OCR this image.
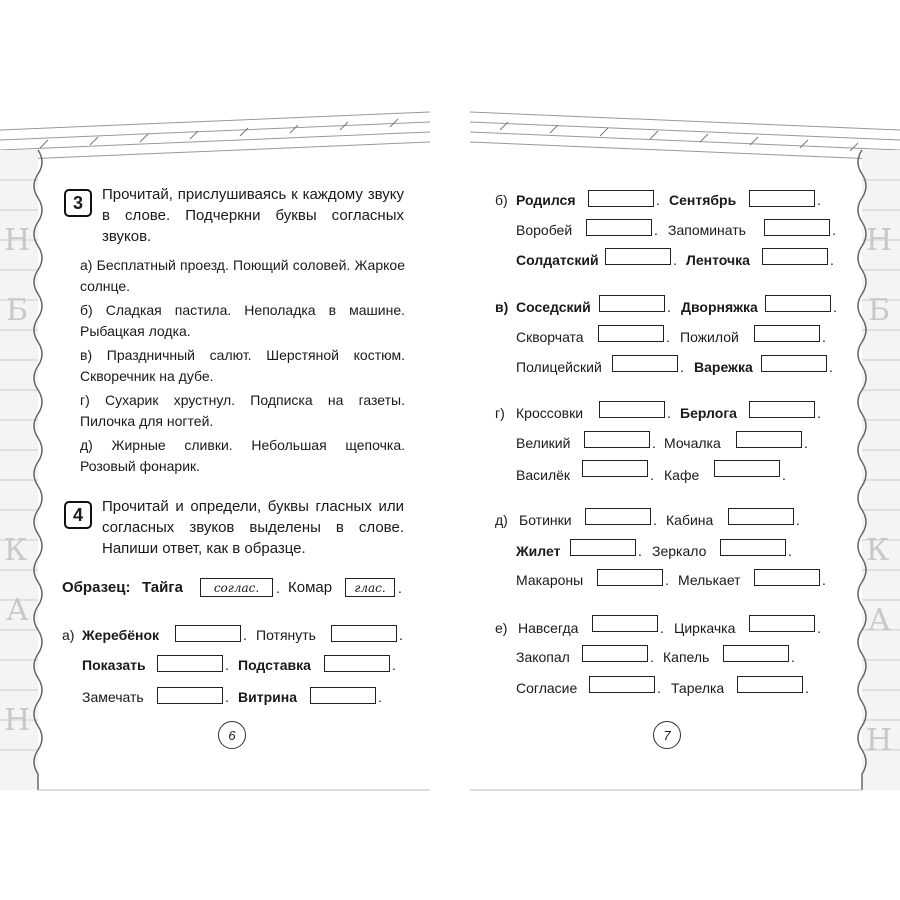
Н
Б
К
А
Н
Н
Б
К
А
Н
3	Прочитай, прислушиваясь к каждому звуку в слове. Подчеркни буквы согласных звуков.
а) Бесплатный проезд. Поющий соловей. Жаркое солнце.
б) Сладкая пастила. Неполадка в машине. Рыбацкая лодка.
в) Праздничный салют. Шерстяной костюм. Скворечник на дубе.
г) Сухарик хрустнул. Подписка на газеты. Пилочка для ногтей.
д) Жирные сливки. Небольшая щепочка. Розовый фонарик.
4	Прочитай и определи, буквы гласных или согласных звуков выделены в слове. Напиши ответ, как в образце.
Образец: Тайга	соглас.	. Комар	глас. .
а) Жеребёнок	. Потянуть	.
Показать	. Подставка	.
Замечать	. Витрина	.
6
б) Родился	. Сентябрь	.
Воробей	. Запоминать	.
Солдатский	. Ленточка	.
в) Соседский	. Дворняжка	.
Скворчата	. Пожилой	.
Полицейский	. Варежка	.
г) Кроссовки	. Берлога	.
Великий	. Мочалка	.
Василёк	. Кафе	.
д) Ботинки	. Кабина	.
Жилет	. Зеркало	.
Макароны	. Мелькает	.
е) Навсегда	. Циркачка	.
Закопал	. Капель	.
Согласие	. Тарелка	.
7
